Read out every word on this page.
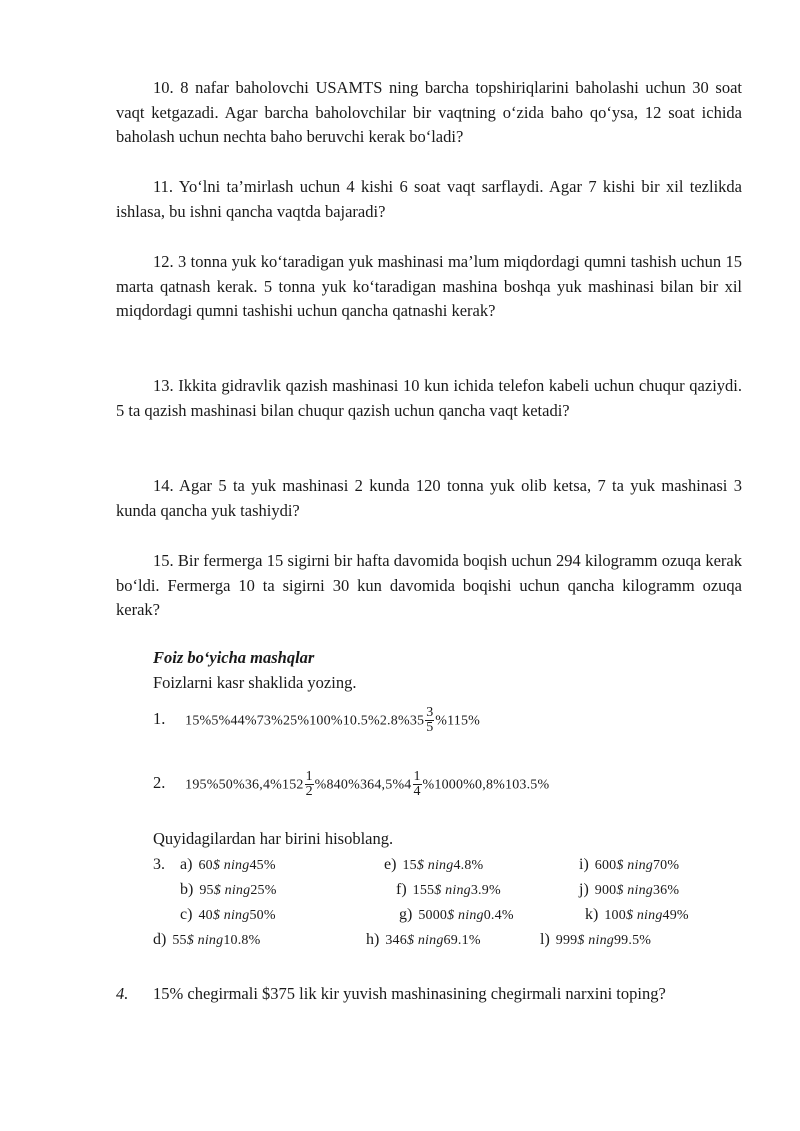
10. 8 nafar baholovchi USAMTS ning barcha topshiriqlarini baholashi uchun 30 soat vaqt ketgazadi. Agar barcha baholovchilar bir vaqtning o‘zida baho qo‘ysa, 12 soat ichida baholash uchun nechta baho beruvchi kerak bo‘ladi?

11. Yo‘lni ta’mirlash uchun 4 kishi 6 soat vaqt sarflaydi. Agar 7 kishi bir xil tezlikda ishlasa, bu ishni qancha vaqtda bajaradi?

12. 3 tonna yuk ko‘taradigan yuk mashinasi ma’lum miqdordagi qumni tashish uchun 15 marta qatnash kerak. 5 tonna yuk ko‘taradigan mashina boshqa yuk mashinasi bilan bir xil miqdordagi qumni tashishi uchun qancha qatnashi kerak?

13. Ikkita gidravlik qazish mashinasi 10 kun ichida telefon kabeli uchun chuqur qaziydi. 5 ta qazish mashinasi bilan chuqur qazish uchun qancha vaqt ketadi?

14. Agar 5 ta yuk mashinasi 2 kunda 120 tonna yuk olib ketsa, 7 ta yuk mashinasi 3 kunda qancha yuk tashiydi?

15. Bir fermerga 15 sigirni bir hafta davomida boqish uchun 294 kilogramm ozuqa kerak bo‘ldi. Fermerga 10 ta sigirni 30 kun davomida boqishi uchun qancha kilogramm ozuqa kerak?

Foiz bo‘yicha mashqlar
Foizlarni kasr shaklida yozing.
1. $15\%5\%44\%73\%25\%100\%10.5\%2.8\%35 \frac{3}{5} \%115\%$
2. $195\%50\%36,4\%152 \frac{1}{2} \%840\%364,5\%4 \frac{1}{4} \%1000\%0,8\%103.5\%$
Quyidagilardan har birini hisoblang.
3. a) 60$ ning45%
b) 95$ ning25%
c) 40$ ning50%
d) 55$ ning10.8%
e) 15$ ning4.8%
f) 155$ ning3.9%
g) 5000$ ning0.4%
h) 346$ ning69.1%
i) 600$ ning70%
j) 900$ ning36%
k) 100$ ning49%
l) 999$ ning99.5%

4. 15% chegirmali $375 lik kir yuvish mashinasining chegirmali narxini toping?
